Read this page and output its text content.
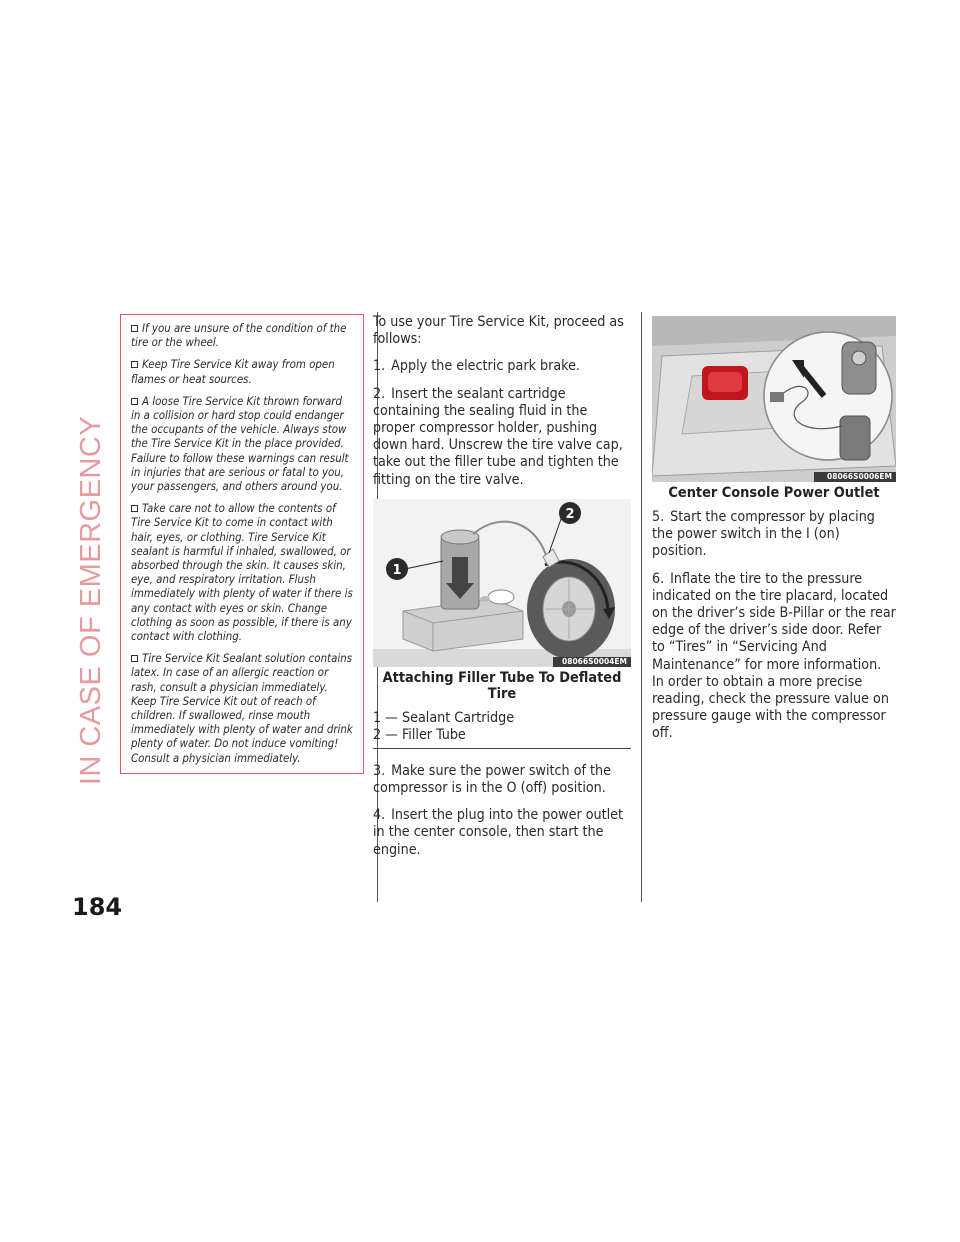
IN CASE OF EMERGENCY
184
If you are unsure of the condition of the tire or the wheel.
Keep Tire Service Kit away from open flames or heat sources.
A loose Tire Service Kit thrown forward in a collision or hard stop could endanger the occupants of the vehicle. Always stow the Tire Service Kit in the place provided. Failure to follow these warnings can result in injuries that are serious or fatal to you, your passengers, and others around you.
Take care not to allow the contents of Tire Service Kit to come in contact with hair, eyes, or clothing. Tire Service Kit sealant is harmful if inhaled, swallowed, or absorbed through the skin. It causes skin, eye, and respiratory irritation. Flush immediately with plenty of water if there is any contact with eyes or skin. Change clothing as soon as possible, if there is any contact with clothing.
Tire Service Kit Sealant solution contains latex. In case of an allergic reaction or rash, consult a physician immediately. Keep Tire Service Kit out of reach of children. If swallowed, rinse mouth immediately with plenty of water and drink plenty of water. Do not induce vomiting! Consult a physician immediately.

To use your Tire Service Kit, proceed as follows:

1. Apply the electric park brake.

2. Insert the sealant cartridge containing the sealing fluid in the proper compressor holder, pushing down hard. Unscrew the tire valve cap, take out the filler tube and tighten the fitting on the tire valve.

1
2
08066S0004EM
Attaching Filler Tube To Deflated Tire
1 — Sealant Cartridge
2 — Filler Tube

3. Make sure the power switch of the compressor is in the O (off) position.

4. Insert the plug into the power outlet in the center console, then start the engine.

08066S0006EM
Center Console Power Outlet

5. Start the compressor by placing the power switch in the I (on) position.

6. Inflate the tire to the pressure indicated on the tire placard, located on the driver’s side B-Pillar or the rear edge of the driver’s side door. Refer to “Tires” in “Servicing And Maintenance” for more information. In order to obtain a more precise reading, check the pressure value on pressure gauge with the compressor off.
